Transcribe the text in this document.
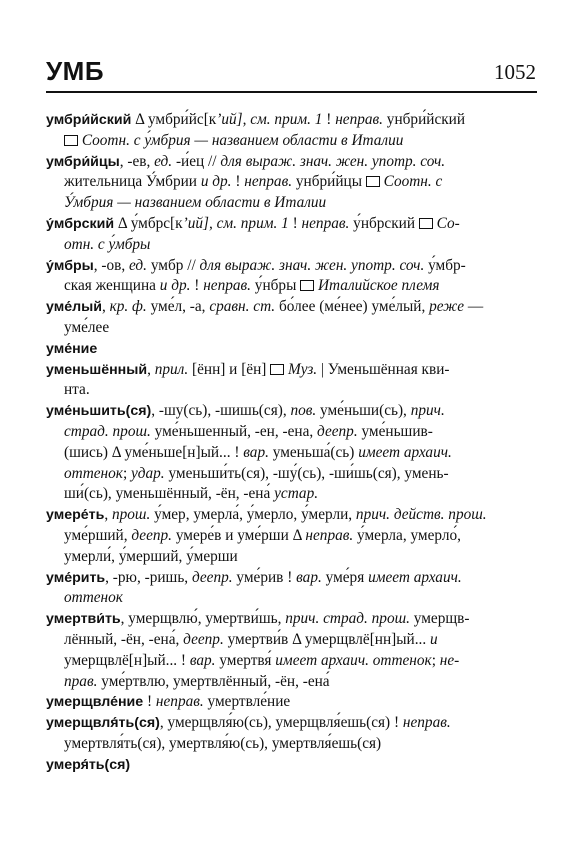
УМБ	1052
умбри́йский Δ умбри́йс[кʼий], см. прим. 1 ! неправ. унбри́йский
Соотн. с у́мбрия — названием области в Италии
умбри́йцы, -ев, ед. -и́ец // для выраж. знач. жен. употр. соч.
жительница У́мбрии и др. ! неправ. унбри́йцы  Соотн. с
У́мбрия — названием области в Италии
у́мбрский Δ у́мбрс[кʼий], см. прим. 1 ! неправ. у́нбрский  Со-
отн. с у́мбры
у́мбры, -ов, ед. умбр // для выраж. знач. жен. употр. соч. у́мбр-
ская женщина и др. ! неправ. у́нбры  Италийское племя
уме́лый, кр. ф. уме́л, -а, сравн. ст. бо́лее (ме́нее) уме́лый, реже —
уме́лее
уме́ние
уменьшённый, прил. [ённ] и [ён]  Муз. | Уменьшённая кви-
нта.
уме́ньшить(ся), -шу(сь), -шишь(ся), пов. уме́ньши(сь), прич.
страд. прош. уме́ньшенный, -ен, -ена, деепр. уме́ньшив-
(шись) Δ уме́ньше[н]ый... ! вар. уменьша́(сь) имеет архаич.
оттенок; удар. уменьши́ть(ся), -шу́(сь), -ши́шь(ся), умень-
ши́(сь), уменьшённый, -ён, -ена́ устар.
умере́ть, прош. у́мер, умерла́, у́мерло, у́мерли, прич. действ. прош.
уме́рший, деепр. умере́в и уме́рши Δ неправ. у́мерла, умерло́,
умерли́, у́мерший, у́мерши
уме́рить, -рю, -ришь, деепр. уме́рив ! вар. уме́ря имеет архаич.
оттенок
умертви́ть, умерщвлю́, умертви́шь, прич. страд. прош. умерщв-
лённый, -ён, -ена́, деепр. умертви́в Δ умерщвлё[нн]ый... и
умерщвлё[н]ый... ! вар. умертвя́ имеет архаич. оттенок; не-
прав. уме́ртвлю, умертвлённый, -ён, -ена́
умерщвле́ние ! неправ. умертвле́ние
умерщвля́ть(ся), умерщвля́ю(сь), умерщвля́ешь(ся) ! неправ.
умертвля́ть(ся), умертвля́ю(сь), умертвля́ешь(ся)
умеря́ть(ся)
